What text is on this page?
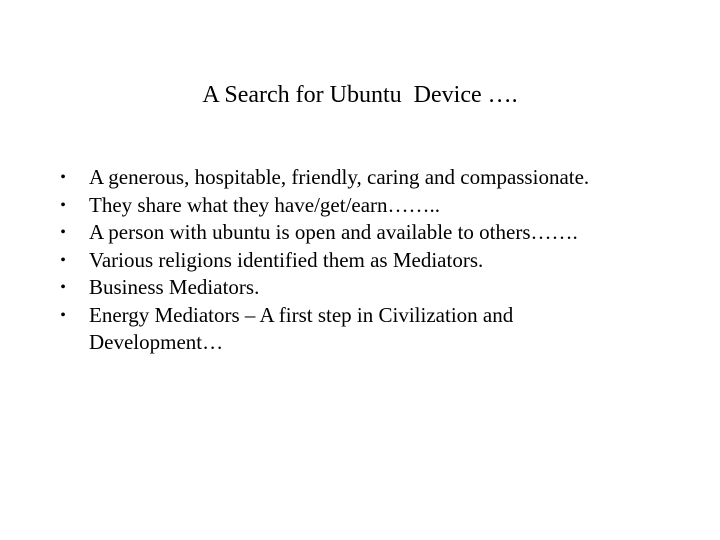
A Search for Ubuntu  Device ….
• A generous, hospitable, friendly, caring and compassionate.
• They share what they have/get/earn……..
• A person with ubuntu is open and available to others…….
• Various religions identified them as Mediators.
• Business Mediators.
• Energy Mediators – A first step in Civilization and Development…
